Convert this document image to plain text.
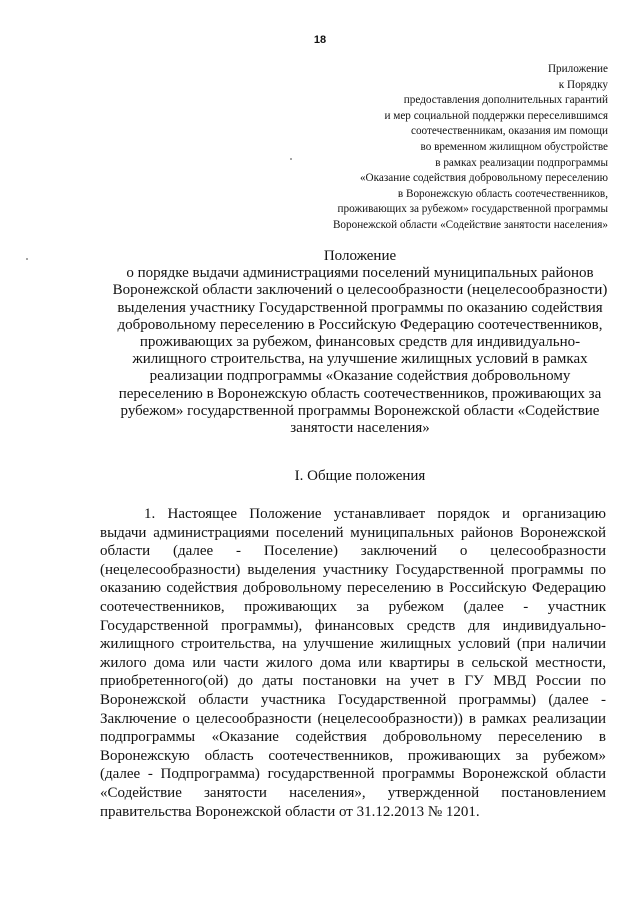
18
Приложение
к Порядку
предоставления дополнительных гарантий
и мер социальной поддержки переселившимся
соотечественникам, оказания им помощи
во временном жилищном обустройстве
в рамках реализации подпрограммы
«Оказание содействия добровольному переселению
в Воронежскую область соотечественников,
проживающих за рубежом» государственной программы
Воронежской области «Содействие занятости населения»
Положение
о порядке выдачи администрациями поселений муниципальных районов
Воронежской области заключений о целесообразности (нецелесообразности)
выделения участнику Государственной программы по оказанию содействия
добровольному переселению в Российскую Федерацию соотечественников,
проживающих за рубежом, финансовых средств для индивидуально-
жилищного строительства, на улучшение жилищных условий в рамках
реализации подпрограммы «Оказание содействия добровольному
переселению в Воронежскую область соотечественников, проживающих за
рубежом» государственной программы Воронежской области «Содействие
занятости населения»
I. Общие положения
1. Настоящее Положение устанавливает порядок и организацию
выдачи администрациями поселений муниципальных районов Воронежской
области (далее - Поселение) заключений о целесообразности
(нецелесообразности) выделения участнику Государственной программы по
оказанию содействия добровольному переселению в Российскую Федерацию
соотечественников, проживающих за рубежом (далее - участник
Государственной программы), финансовых средств для индивидуально-
жилищного строительства, на улучшение жилищных условий (при наличии
жилого дома или части жилого дома или квартиры в сельской местности,
приобретенного(ой) до даты постановки на учет в ГУ МВД России по
Воронежской области участника Государственной программы) (далее -
Заключение о целесообразности (нецелесообразности)) в рамках реализации
подпрограммы «Оказание содействия добровольному переселению в
Воронежскую область соотечественников, проживающих за рубежом»
(далее - Подпрограмма) государственной программы Воронежской области
«Содействие занятости населения», утвержденной постановлением
правительства Воронежской области от 31.12.2013 № 1201.
